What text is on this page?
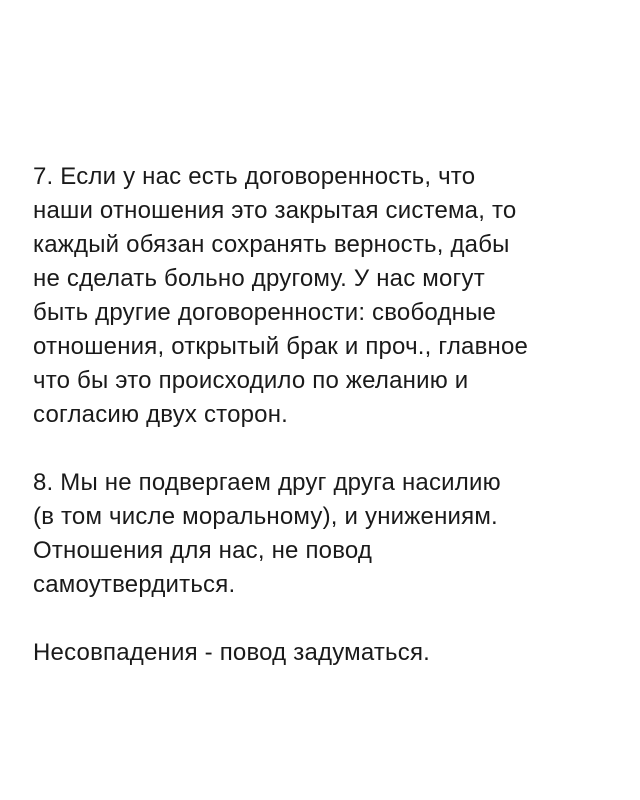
7. Если у нас есть договоренность, что
наши отношения это закрытая система, то
каждый обязан сохранять верность, дабы
не сделать больно другому. У нас могут
быть другие договоренности: свободные
отношения, открытый брак и проч., главное
что бы это происходило по желанию и
согласию двух сторон.
8. Мы не подвергаем друг друга насилию
(в том числе моральному), и унижениям.
Отношения для нас, не повод
самоутвердиться.
Несовпадения - повод задуматься.
